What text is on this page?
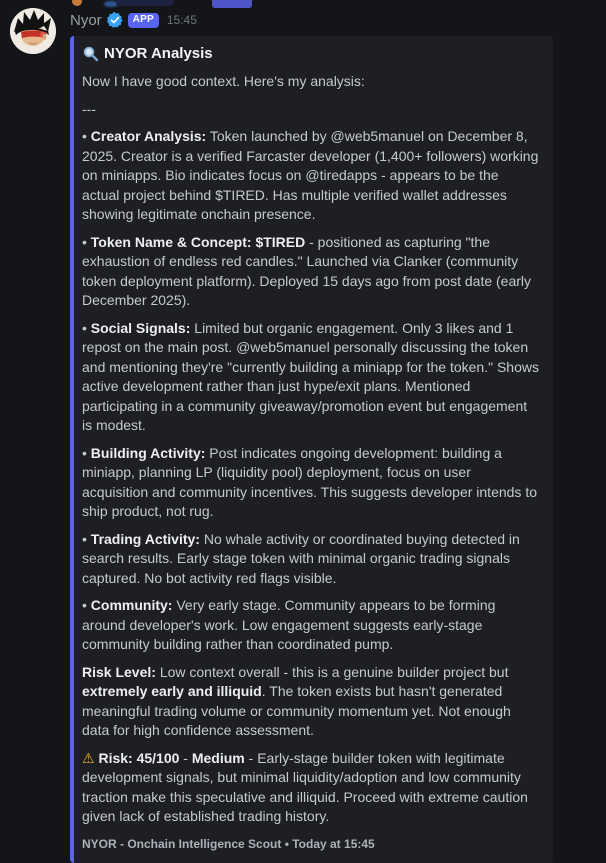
Nyor	APP	15:45
NYOR Analysis
Now I have good context. Here's my analysis:
---
• Creator Analysis: Token launched by @web5manuel on December 8, 2025. Creator is a verified Farcaster developer (1,400+ followers) working on miniapps. Bio indicates focus on @tiredapps - appears to be the actual project behind $TIRED. Has multiple verified wallet addresses showing legitimate onchain presence.
• Token Name & Concept: $TIRED - positioned as capturing "the exhaustion of endless red candles." Launched via Clanker (community token deployment platform). Deployed 15 days ago from post date (early December 2025).
• Social Signals: Limited but organic engagement. Only 3 likes and 1 repost on the main post. @web5manuel personally discussing the token and mentioning they're "currently building a miniapp for the token." Shows active development rather than just hype/exit plans. Mentioned participating in a community giveaway/promotion event but engagement is modest.
• Building Activity: Post indicates ongoing development: building a miniapp, planning LP (liquidity pool) deployment, focus on user acquisition and community incentives. This suggests developer intends to ship product, not rug.
• Trading Activity: No whale activity or coordinated buying detected in search results. Early stage token with minimal organic trading signals captured. No bot activity red flags visible.
• Community: Very early stage. Community appears to be forming around developer's work. Low engagement suggests early-stage community building rather than coordinated pump.
Risk Level: Low context overall - this is a genuine builder project but extremely early and illiquid. The token exists but hasn't generated meaningful trading volume or community momentum yet. Not enough data for high confidence assessment.
⚠ Risk: 45/100 - Medium - Early-stage builder token with legitimate development signals, but minimal liquidity/adoption and low community traction make this speculative and illiquid. Proceed with extreme caution given lack of established trading history.
NYOR - Onchain Intelligence Scout • Today at 15:45
